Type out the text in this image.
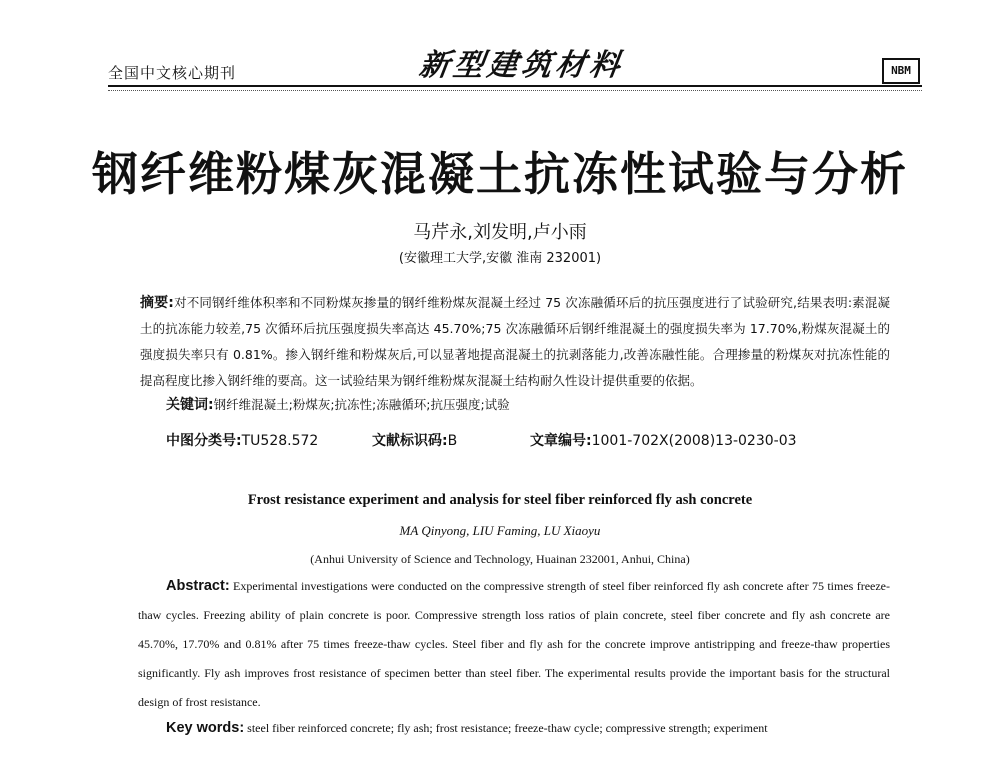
全国中文核心期刊	新型建筑材料	NBM
钢纤维粉煤灰混凝土抗冻性试验与分析
马芹永,刘发明,卢小雨
(安徽理工大学,安徽 淮南 232001)
摘要:对不同钢纤维体积率和不同粉煤灰掺量的钢纤维粉煤灰混凝土经过 75 次冻融循环后的抗压强度进行了试验研究,结果表明:素混凝土的抗冻能力较差,75 次循环后抗压强度损失率高达 45.70%;75 次冻融循环后钢纤维混凝土的强度损失率为 17.70%,粉煤灰混凝土的强度损失率只有 0.81%。掺入钢纤维和粉煤灰后,可以显著地提高混凝土的抗剥落能力,改善冻融性能。合理掺量的粉煤灰对抗冻性能的提高程度比掺入钢纤维的要高。这一试验结果为钢纤维粉煤灰混凝土结构耐久性设计提供重要的依据。
关键词:钢纤维混凝土;粉煤灰;抗冻性;冻融循环;抗压强度;试验
中图分类号:TU528.572	文献标识码:B	文章编号:1001-702X(2008)13-0230-03
Frost resistance experiment and analysis for steel fiber reinforced fly ash concrete
MA Qinyong, LIU Faming, LU Xiaoyu
(Anhui University of Science and Technology, Huainan 232001, Anhui, China)
Abstract: Experimental investigations were conducted on the compressive strength of steel fiber reinforced fly ash concrete after 75 times freeze-thaw cycles. Freezing ability of plain concrete is poor. Compressive strength loss ratios of plain concrete, steel fiber concrete and fly ash concrete are 45.70%, 17.70% and 0.81% after 75 times freeze-thaw cycles. Steel fiber and fly ash for the concrete improve antistripping and freeze-thaw properties significantly. Fly ash improves frost resistance of specimen better than steel fiber. The experimental results provide the important basis for the structural design of frost resistance.
Key words: steel fiber reinforced concrete; fly ash; frost resistance; freeze-thaw cycle; compressive strength; experiment
